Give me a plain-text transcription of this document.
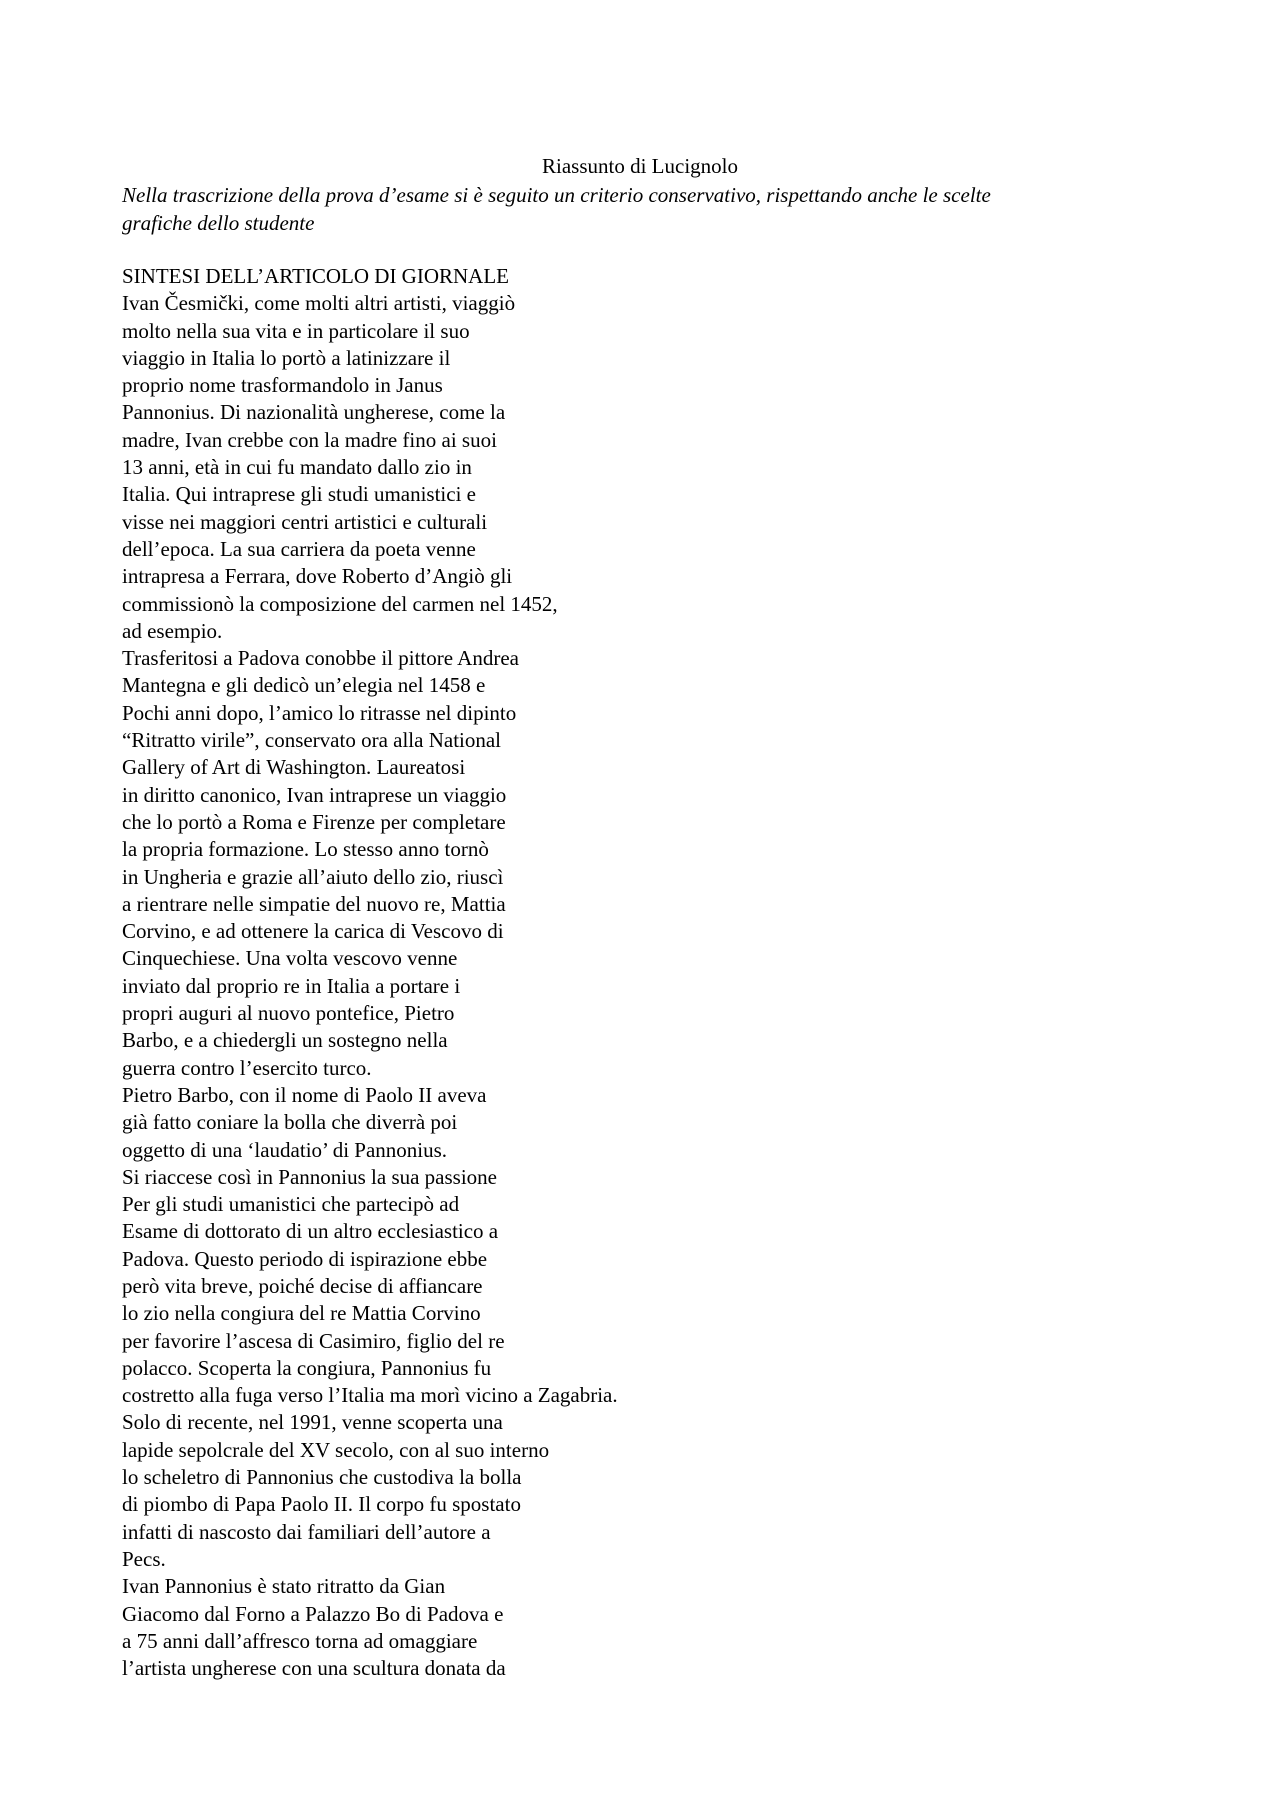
Riassunto di Lucignolo
Nella trascrizione della prova d’esame si è seguito un criterio conservativo, rispettando anche le scelte
grafiche dello studente
SINTESI DELL’ARTICOLO DI GIORNALE
Ivan Česmički, come molti altri artisti, viaggiò
molto nella sua vita e in particolare il suo
viaggio in Italia lo portò a latinizzare il
proprio nome trasformandolo in Janus
Pannonius. Di nazionalità ungherese, come la
madre, Ivan crebbe con la madre fino ai suoi
13 anni, età in cui fu mandato dallo zio in
Italia. Qui intraprese gli studi umanistici e
visse nei maggiori centri artistici e culturali
dell’epoca. La sua carriera da poeta venne
intrapresa a Ferrara, dove Roberto d’Angiò gli
commissionò la composizione del carmen nel 1452,
ad esempio.
Trasferitosi a Padova conobbe il pittore Andrea
Mantegna e gli dedicò un’elegia nel 1458 e
Pochi anni dopo, l’amico lo ritrasse nel dipinto
“Ritratto virile”, conservato ora alla National
Gallery of Art di Washington. Laureatosi
in diritto canonico, Ivan intraprese un viaggio
che lo portò a Roma e Firenze per completare
la propria formazione. Lo stesso anno tornò
in Ungheria e grazie all’aiuto dello zio, riuscì
a rientrare nelle simpatie del nuovo re, Mattia
Corvino, e ad ottenere la carica di Vescovo di
Cinquechiese. Una volta vescovo venne
inviato dal proprio re in Italia a portare i
propri auguri al nuovo pontefice, Pietro
Barbo, e a chiedergli un sostegno nella
guerra contro l’esercito turco.
Pietro Barbo, con il nome di Paolo II aveva
già fatto coniare la bolla che diverrà poi
oggetto di una ‘laudatio’ di Pannonius.
Si riaccese così in Pannonius la sua passione
Per gli studi umanistici che partecipò ad
Esame di dottorato di un altro ecclesiastico a
Padova. Questo periodo di ispirazione ebbe
però vita breve, poiché decise di affiancare
lo zio nella congiura del re Mattia Corvino
per favorire l’ascesa di Casimiro, figlio del re
polacco. Scoperta la congiura, Pannonius fu
costretto alla fuga verso l’Italia ma morì vicino a Zagabria.
Solo di recente, nel 1991, venne scoperta una
lapide sepolcrale del XV secolo, con al suo interno
lo scheletro di Pannonius che custodiva la bolla
di piombo di Papa Paolo II. Il corpo fu spostato
infatti di nascosto dai familiari dell’autore a
Pecs.
Ivan Pannonius è stato ritratto da Gian
Giacomo dal Forno a Palazzo Bo di Padova e
a 75 anni dall’affresco torna ad omaggiare
l’artista ungherese con una scultura donata da
